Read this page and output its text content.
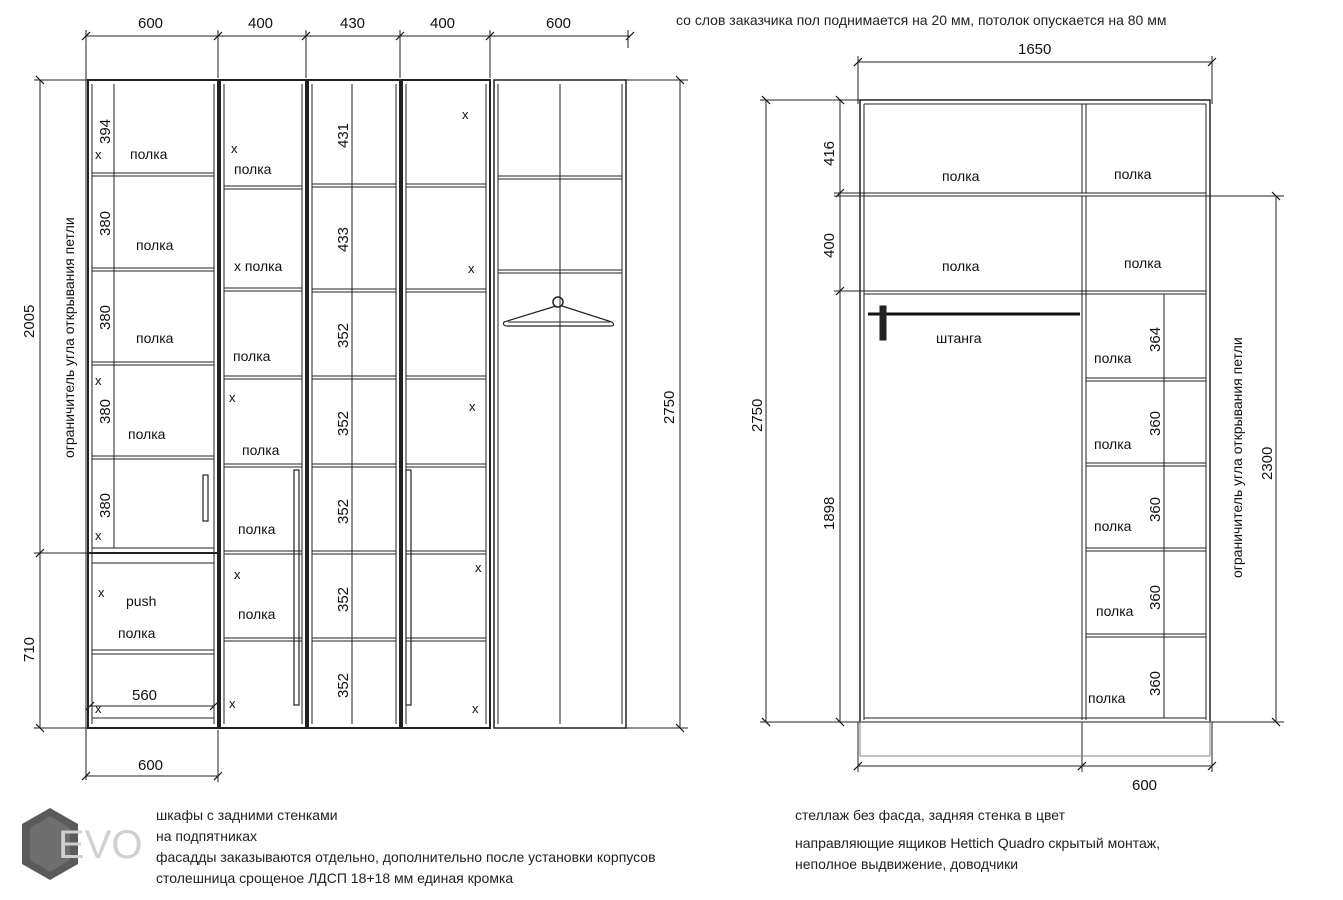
со слов заказчика пол поднимается на 20 мм, потолок опускается на 80 мм
600	400	430	400	600
600
560
2005
710
2750
ограничитель угла открывания петли
394
380
380
380
380
431
433
352
352
352
352
352
полка
полка
полка
полка
push
полка
полка
x полка
полка
полка
полка
полка
x
x
x
x
x
x
x
x
x
x
x
x
x
x
1650
600
2750
416
400
1898
2300
ограничитель угла открывания петли
364
360
360
360
360
полка	полка
полка	полка
штанга
полка
полка
полка
полка
полка
EVO
шкафы с задними стенками
на подпятниках
фасадды заказываются отдельно, дополнительно после установки корпусов
столешница срощеное ЛДСП 18+18 мм единая кромка
стеллаж без фасда, задняя стенка в цвет
направляющие ящиков Hettich Quadro скрытый монтаж,
неполное выдвижение, доводчики
